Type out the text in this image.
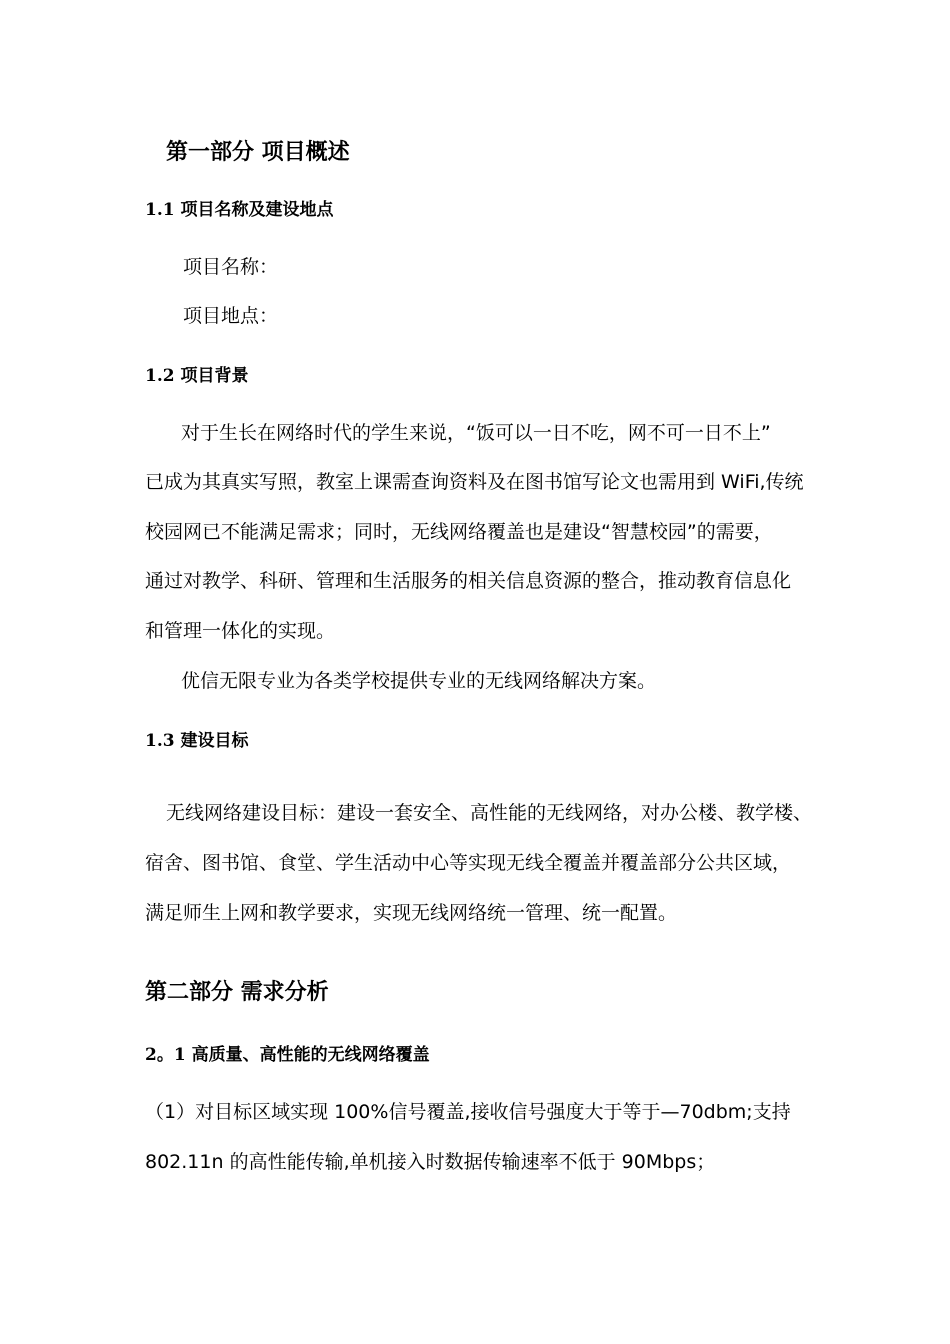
第一部分 项目概述
1.1 项目名称及建设地点
项目名称：
项目地点：
1.2 项目背景
对于生长在网络时代的学生来说，“饭可以一日不吃，网不可一日不上”
已成为其真实写照，教室上课需查询资料及在图书馆写论文也需用到 WiFi,传统
校园网已不能满足需求；同时，无线网络覆盖也是建设“智慧校园”的需要，
通过对教学、科研、管理和生活服务的相关信息资源的整合，推动教育信息化
和管理一体化的实现。
优信无限专业为各类学校提供专业的无线网络解决方案。
1.3 建设目标
无线网络建设目标：建设一套安全、高性能的无线网络，对办公楼、教学楼、
宿舍、图书馆、食堂、学生活动中心等实现无线全覆盖并覆盖部分公共区域，
满足师生上网和教学要求，实现无线网络统一管理、统一配置。
第二部分 需求分析
2。1 高质量、高性能的无线网络覆盖
（1）对目标区域实现 100%信号覆盖,接收信号强度大于等于—70dbm;支持
802.11n 的高性能传输,单机接入时数据传输速率不低于 90Mbps；
